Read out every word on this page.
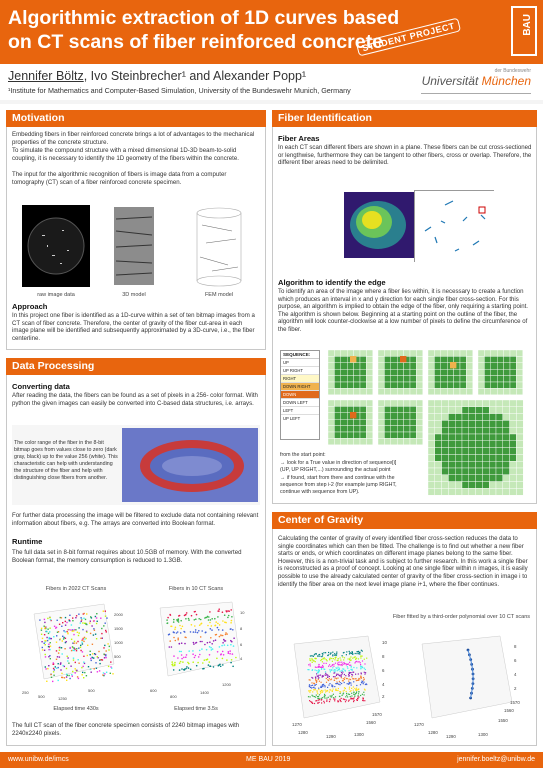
Algorithmic extraction of 1D curves based
on CT scans of fiber reinforced concrete
STUDENT PROJECT	BAU
Jennifer Böltz, Ivo Steinbrecher¹ and Alexander Popp¹
¹Institute for Mathematics and Computer-Based Simulation, University of the Bundeswehr Munich, Germany
der Bundeswehr
Universität München
Motivation
Embedding fibers in fiber reinforced concrete brings a lot of advantages to the mechanical properties of the concrete structure.
To simulate the compound structure with a mixed dimensional 1D-3D beam-to-solid coupling, it is necessary to identify the 1D geometry of the fibers within the concrete.
The input for the algorithmic recognition of fibers is image data from a computer tomography (CT) scan of a fiber reinforced concrete specimen.
raw image data	3D model	FEM model
Approach
In this project one fiber is identified as a 1D-curve within a set of ten bitmap images from a CT scan of fiber concrete. Therefore, the center of gravity of the fiber cut-area in each image plane will be identified and subsequently approximated by a 3D-curve, i.e., the fiber centerline.
Data Processing
Converting data
After reading the data, the fibers can be found as a set of pixels in a 256- color format. With python the given images can easily be converted into C-based data structures, i.e. arrays.
The color range of the fiber in the 8-bit bitmap goes from values close to zero (dark gray, black) up to the value 256 (white). This characteristic can help with understanding the structure of the fiber and help with distinguishing close fibers from another.
For further data processing the image will be filtered to exclude data not containing relevant information about fibers, e.g. The arrays are converted into Boolean format.
Runtime
The full data set in 8-bit format requires about 10.5GB of memory. With the converted Boolean format, the memory consumption is reduced to 1.3GB.
Fibers in 2022 CT Scans	Fibers in 10 CT Scans
2000
1500
1000
500
250
500	1250
500
10
8
6
4
600
800
1400
1200
Elapsed time 430s	Elapsed time 3.5s
The full CT scan of the fiber concrete specimen consists of 2240 bitmap images with 2240x2240 pixels.
Fiber Identification
Fiber Areas
In each CT scan different fibers are shown in a plane. These fibers can be cut cross-sectioned or lengthwise, furthermore they can be tangent to other fibers, cross or overlap. Therefore, the different fiber areas need to be delimited.
Algorithm to identify the edge
To identify an area of the image where a fiber lies within, it is necessary to create a function which produces an interval in x and y direction for each single fiber cross-section. For this purpose, an algorithm is implied to obtain the edge of the fiber, only requiring a starting point. The algorithm is shown below. Beginning at a starting point on the outline of the fiber, the algorithm will look counter-clockwise at a low number of pixels to define the circumference of the fiber.
SEQUENCE:
UP
UP RIGHT
RIGHT
DOWN RIGHT
DOWN
DOWN LEFT
LEFT
UP LEFT
from the start point:
→ look for a True value in direction of sequence[i] (UP, UP RIGHT,...) surrounding the actual point
→ if found, start from there and continue with the sequence from step i-2 (for example jump RIGHT, continue with sequence from UP).
Center of Gravity
Calculating the center of gravity of every identified fiber cross-section reduces the data to single coordinates which can then be fitted. The challenge is to find out whether a new fiber starts or ends, or which coordinates on different image planes belong to the same fiber. However, this is a non-trivial task and is subject to further research. In this work a single fiber is reconstructed as a proof of concept. Looking at one single fiber within n images, it is easily possible to use the already calculated center of gravity of the fiber cross-section in image i to identify the fiber area on the next level image plane i+1, where the fiber continues.
Fiber fitted by a third-order polynomial over 10 CT scans
10
8
6
4
2
1270
1280
1290	1300
1560
1570
8
6
4
2
1270
1280
1290	1300
1550
1560
1570
www.unibw.de/imcs	ME BAU 2019	jennifer.boeltz@unibw.de
